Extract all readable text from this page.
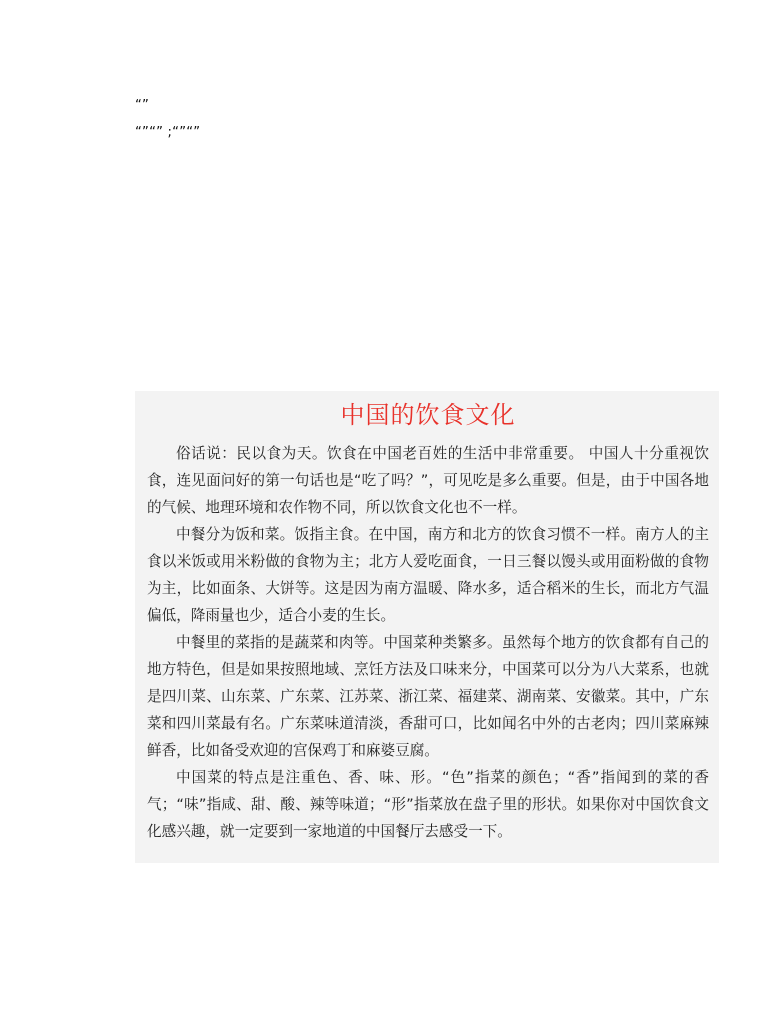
“”

“”“” ;“”“”

中国的饮食文化

俗话说：民以食为天。饮食在中国老百姓的生活中非常重要。 中国人十分重视饮食，连见面问好的第一句话也是“吃了吗？”，可见吃是多么重要。但是，由于中国各地的气候、地理环境和农作物不同，所以饮食文化也不一样。

中餐分为饭和菜。饭指主食。在中国，南方和北方的饮食习惯不一样。南方人的主食以米饭或用米粉做的食物为主；北方人爱吃面食，一日三餐以馒头或用面粉做的食物为主，比如面条、大饼等。这是因为南方温暖、降水多，适合稻米的生长，而北方气温偏低，降雨量也少，适合小麦的生长。

中餐里的菜指的是蔬菜和肉等。中国菜种类繁多。虽然每个地方的饮食都有自己的地方特色，但是如果按照地域、烹饪方法及口味来分，中国菜可以分为八大菜系，也就是四川菜、山东菜、广东菜、江苏菜、浙江菜、福建菜、湖南菜、安徽菜。其中，广东菜和四川菜最有名。广东菜味道清淡，香甜可口，比如闻名中外的古老肉；四川菜麻辣鲜香，比如备受欢迎的宫保鸡丁和麻婆豆腐。

中国菜的特点是注重色、香、味、形。“色”指菜的颜色；“香”指闻到的菜的香气；“味”指咸、甜、酸、辣等味道；“形”指菜放在盘子里的形状。如果你对中国饮食文化感兴趣，就一定要到一家地道的中国餐厅去感受一下。
